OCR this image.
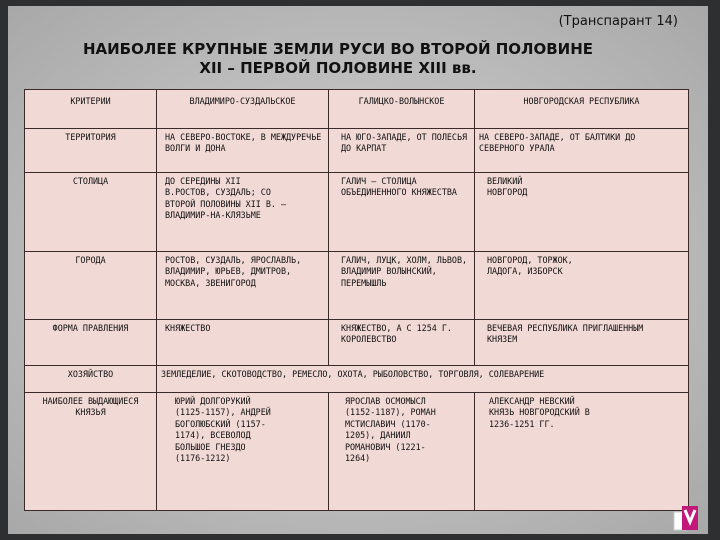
(Транспарант 14)
НАИБОЛЕЕ КРУПНЫЕ ЗЕМЛИ РУСИ ВО ВТОРОЙ ПОЛОВИНЕ
XII – ПЕРВОЙ ПОЛОВИНЕ XIII вв.
КРИТЕРИИ	ВЛАДИМИРО-СУЗДАЛЬСКОЕ	ГАЛИЦКО-ВОЛЫНСКОЕ	НОВГОРОДСКАЯ РЕСПУБЛИКА
ТЕРРИТОРИЯ	НА СЕВЕРО-ВОСТОКЕ, В МЕЖДУРЕЧЬЕ ВОЛГИ И ДОНА	НА ЮГО-ЗАПАДЕ, ОТ ПОЛЕСЬЯ ДО КАРПАТ	НА СЕВЕРО-ЗАПАДЕ, ОТ БАЛТИКИ ДО СЕВЕРНОГО УРАЛА
СТОЛИЦА	ДО СЕРЕДИНЫ XII В.РОСТОВ, СУЗДАЛЬ; СО ВТОРОЙ ПОЛОВИНЫ XII В. – ВЛАДИМИР-НА-КЛЯЗЬМЕ	ГАЛИЧ – СТОЛИЦА ОБЪЕДИНЕННОГО КНЯЖЕСТВА	ВЕЛИКИЙ НОВГОРОД
ГОРОДА	РОСТОВ, СУЗДАЛЬ, ЯРОСЛАВЛЬ, ВЛАДИМИР, ЮРЬЕВ, ДМИТРОВ, МОСКВА, ЗВЕНИГОРОД	ГАЛИЧ, ЛУЦК, ХОЛМ, ЛЬВОВ, ВЛАДИМИР ВОЛЫНСКИЙ, ПЕРЕМЫШЛЬ	НОВГОРОД, ТОРЖОК, ЛАДОГА, ИЗБОРСК
ФОРМА ПРАВЛЕНИЯ	КНЯЖЕСТВО	КНЯЖЕСТВО, А С 1254 Г. КОРОЛЕВСТВО	ВЕЧЕВАЯ РЕСПУБЛИКА ПРИГЛАШЕННЫМ КНЯЗЕМ
ХОЗЯЙСТВО	ЗЕМЛЕДЕЛИЕ, СКОТОВОДСТВО, РЕМЕСЛО, ОХОТА, РЫБОЛОВСТВО, ТОРГОВЛЯ, СОЛЕВАРЕНИЕ		
НАИБОЛЕЕ ВЫДАЮЩИЕСЯ КНЯЗЬЯ	ЮРИЙ ДОЛГОРУКИЙ (1125-1157), АНДРЕЙ БОГОЛЮБСКИЙ (1157-1174), ВСЕВОЛОД БОЛЬШОЕ ГНЕЗДО (1176-1212)	ЯРОСЛАВ ОСМОМЫСЛ (1152-1187), РОМАН МСТИСЛАВИЧ (1170-1205), ДАНИИЛ РОМАНОВИЧ (1221-1264)	АЛЕКСАНДР НЕВСКИЙ КНЯЗЬ НОВГОРОДСКИЙ В 1236-1251 ГГ.
